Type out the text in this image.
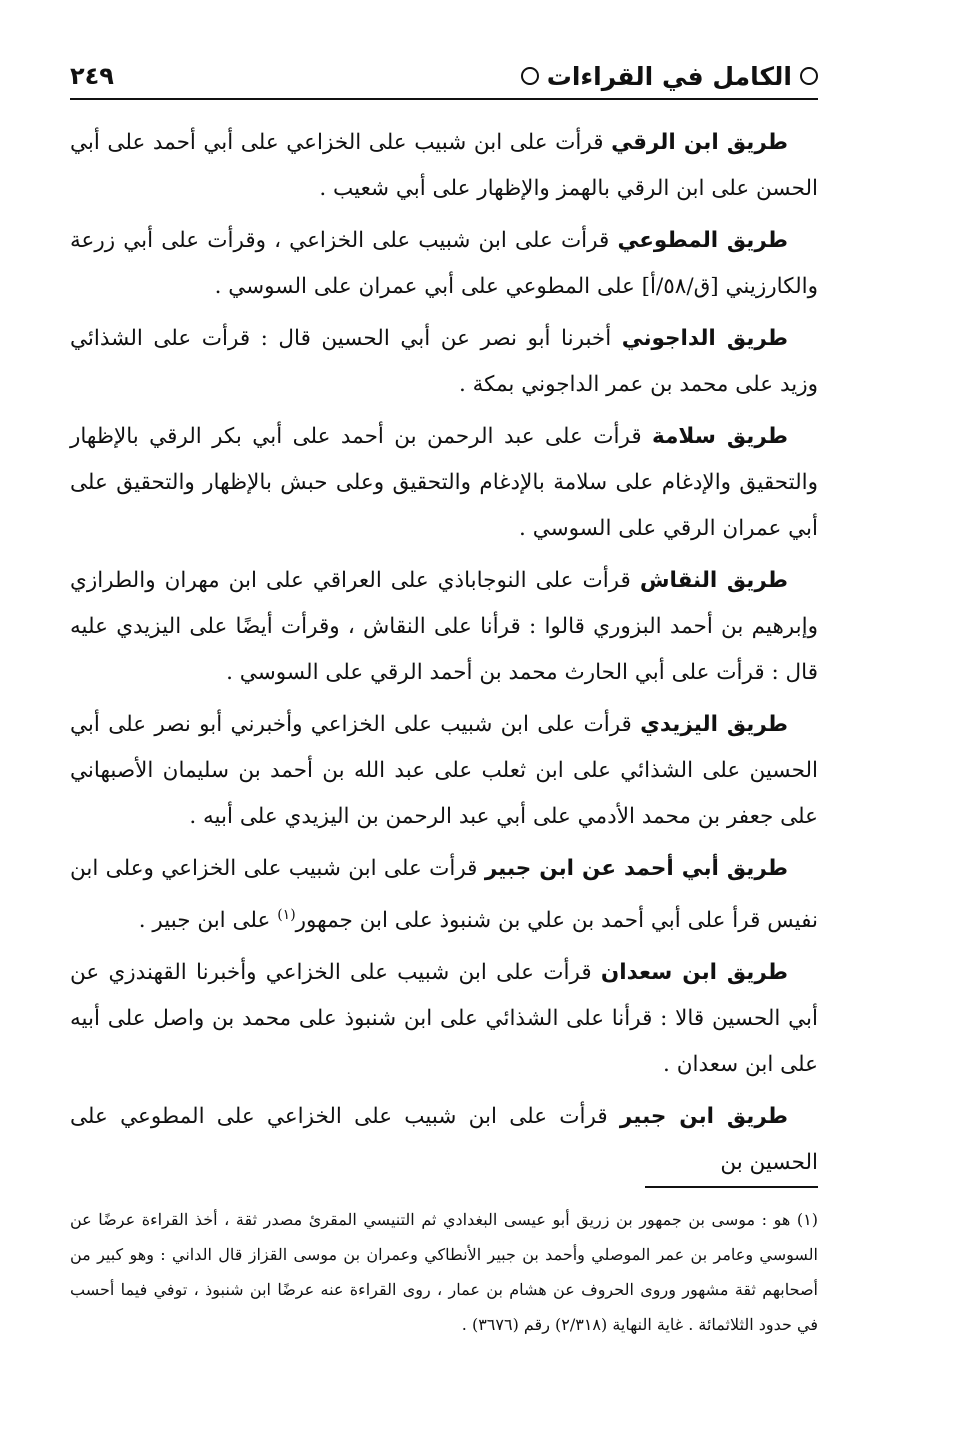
الكامل في القراءات
٢٤٩

طريق ابن الرقي قرأت على ابن شبيب على الخزاعي على أبي أحمد على أبي الحسن على ابن الرقي بالهمز والإظهار على أبي شعيب .

طريق المطوعي قرأت على ابن شبيب على الخزاعي ، وقرأت على أبي زرعة والكارزيني [ق/٥٨/أ] على المطوعي على أبي عمران على السوسي .

طريق الداجوني أخبرنا أبو نصر عن أبي الحسين قال : قرأت على الشذائي وزيد على محمد بن عمر الداجوني بمكة .

طريق سلامة قرأت على عبد الرحمن بن أحمد على أبي بكر الرقي بالإظهار والتحقيق والإدغام على سلامة بالإدغام والتحقيق وعلى حبش بالإظهار والتحقيق على أبي عمران الرقي على السوسي .

طريق النقاش قرأت على النوجاباذي على العراقي على ابن مهران والطرازي وإبرهيم بن أحمد البزوري قالوا : قرأنا على النقاش ، وقرأت أيضًا على اليزيدي عليه قال : قرأت على أبي الحارث محمد بن أحمد الرقي على السوسي .

طريق اليزيدي قرأت على ابن شبيب على الخزاعي وأخبرني أبو نصر على أبي الحسين على الشذائي على ابن ثعلب على عبد الله بن أحمد بن سليمان الأصبهاني على جعفر بن محمد الأدمي على أبي عبد الرحمن بن اليزيدي على أبيه .

طريق أبي أحمد عن ابن جبير قرأت على ابن شبيب على الخزاعي وعلى ابن نفيس قرأ على أبي أحمد بن علي بن شنبوذ على ابن جمهور$^{(١)}$ على ابن جبير .

طريق ابن سعدان قرأت على ابن شبيب على الخزاعي وأخبرنا القهندزي عن أبي الحسين قالا : قرأنا على الشذائي على ابن شنبوذ على محمد بن واصل على أبيه على ابن سعدان .

طريق ابن جبير قرأت على ابن شبيب على الخزاعي على المطوعي على الحسين بن

(١) هو : موسى بن جمهور بن زريق أبو عيسى البغدادي ثم التنيسي المقرئ مصدر ثقة ، أخذ القراءة عرضًا عن السوسي وعامر بن عمر الموصلي وأحمد بن جبير الأنطاكي وعمران بن موسى القزاز قال الداني : وهو كبير من أصحابهم ثقة مشهور وروى الحروف عن هشام بن عمار ، روى القراءة عنه عرضًا ابن شنبوذ ، توفي فيما أحسب في حدود الثلاثمائة . غاية النهاية (٢/٣١٨) رقم (٣٦٧٦) .
